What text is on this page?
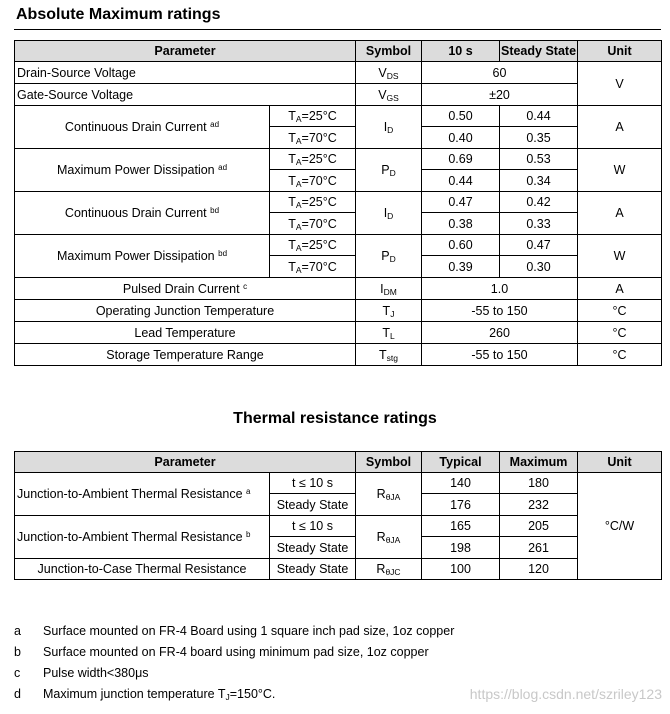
Absolute Maximum ratings
Parameter		Symbol	10 s	Steady State	Unit
Drain-Source Voltage		$V_{DS}$	60		V
Gate-Source Voltage		$V_{GS}$	±20		
Continuous Drain Current $^{ad}$	$T_A=25^\circ C$	$I_D$	0.50	0.44	A
	$T_A=70^\circ C$		0.40	0.35	
Maximum Power Dissipation $^{ad}$	$T_A=25^\circ C$	$P_D$	0.69	0.53	W
	$T_A=70^\circ C$		0.44	0.34	
Continuous Drain Current $^{bd}$	$T_A=25^\circ C$	$I_D$	0.47	0.42	A
	$T_A=70^\circ C$		0.38	0.33	
Maximum Power Dissipation $^{bd}$	$T_A=25^\circ C$	$P_D$	0.60	0.47	W
	$T_A=70^\circ C$		0.39	0.30	
Pulsed Drain Current $^c$		$I_{DM}$	1.0		A
Operating Junction Temperature		$T_J$	-55 to 150		°C
Lead Temperature		$T_L$	260		°C
Storage Temperature Range		$T_{stg}$	-55 to 150		°C
Thermal resistance ratings
Parameter		Symbol	Typical	Maximum	Unit
Junction-to-Ambient Thermal Resistance $^a$	t ≤ 10 s	$R_{\theta JA}$	140	180	°C/W
	Steady State		176	232	
Junction-to-Ambient Thermal Resistance $^b$	t ≤ 10 s	$R_{\theta JA}$	165	205	
	Steady State		198	261	
Junction-to-Case Thermal Resistance	Steady State	$R_{\theta JC}$	100	120	
a Surface mounted on FR-4 Board using 1 square inch pad size, 1oz copper
b Surface mounted on FR-4 board using minimum pad size, 1oz copper
c Pulse width<380μs
d Maximum junction temperature $T_J=150^\circ C$.	https://blog.csdn.net/szriley123
